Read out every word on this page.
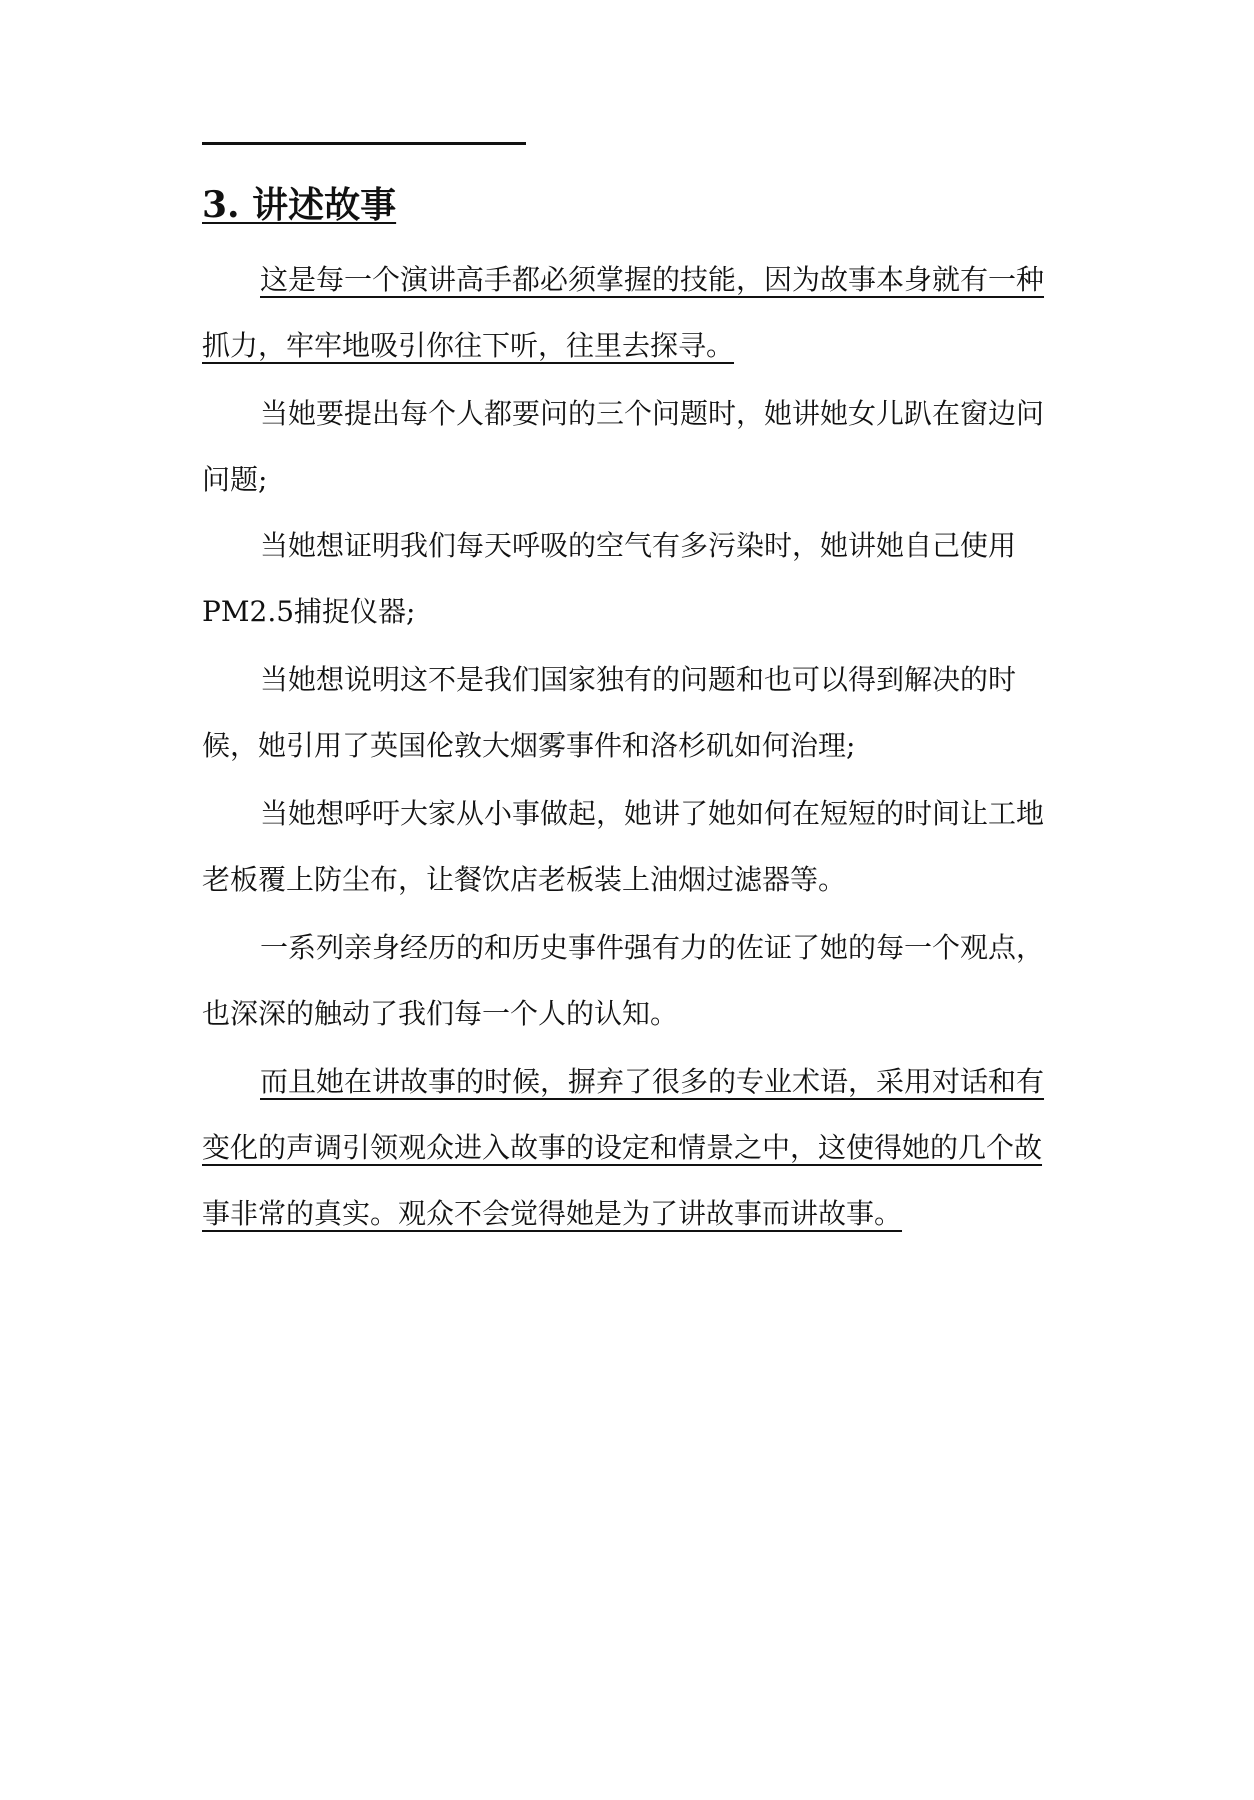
3. 讲述故事
这是每一个演讲高手都必须掌握的技能，因为故事本身就有一种
抓力，牢牢地吸引你往下听，往里去探寻。
当她要提出每个人都要问的三个问题时，她讲她女儿趴在窗边问
问题;
当她想证明我们每天呼吸的空气有多污染时，她讲她自己使用
PM2.5捕捉仪器;
当她想说明这不是我们国家独有的问题和也可以得到解决的时
候，她引用了英国伦敦大烟雾事件和洛杉矶如何治理;
当她想呼吁大家从小事做起，她讲了她如何在短短的时间让工地
老板覆上防尘布，让餐饮店老板装上油烟过滤器等。
一系列亲身经历的和历史事件强有力的佐证了她的每一个观点，
也深深的触动了我们每一个人的认知。
而且她在讲故事的时候，摒弃了很多的专业术语，采用对话和有
变化的声调引领观众进入故事的设定和情景之中，这使得她的几个故
事非常的真实。观众不会觉得她是为了讲故事而讲故事。
